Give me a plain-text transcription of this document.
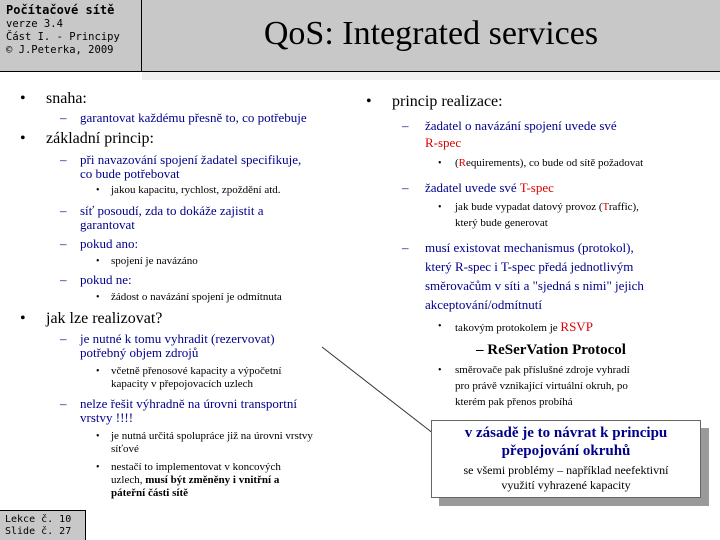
Počítačové sítě
verze 3.4
Část I. - Principy
© J.Peterka, 2009	QoS: Integrated services
• snaha:
– garantovat každému přesně to, co potřebuje
• základní princip:
– při navazování spojení žadatel specifikuje,
co bude potřebovat
• jakou kapacitu, rychlost, zpoždění atd.
– síť posoudí, zda to dokáže zajistit a
garantovat
– pokud ano:
• spojení je navázáno
– pokud ne:
• žádost o navázání spojení je odmítnuta
• jak lze realizovat?
– je nutné k tomu vyhradit (rezervovat)
potřebný objem zdrojů
• včetně přenosové kapacity a výpočetní
kapacity v přepojovacích uzlech
– nelze řešit výhradně na úrovni transportní
vrstvy !!!!
• je nutná určitá spolupráce již na úrovni vrstvy
síťové
• nestačí to implementovat v koncových
uzlech, musí být změněny i vnitřní a
páteřní části sítě
• princip realizace:
– žadatel o navázání spojení uvede své
R-spec
• (Requirements), co bude od sítě požadovat
– žadatel uvede své T-spec
• jak bude vypadat datový provoz (Traffic),
který bude generovat
– musí existovat mechanismus (protokol),
který R-spec i T-spec předá jednotlivým
směrovačům v síti a "sjedná s nimi" jejich
akceptování/odmítnutí
• takovým protokolem je RSVP
– ReSerVation Protocol
• směrovače pak příslušné zdroje vyhradí
pro právě vznikající virtuální okruh, po
kterém pak přenos probíhá
v zásadě je to návrat k principu
přepojování okruhů
se všemi problémy – například neefektivní
využití vyhrazené kapacity
Lekce č. 10
Slide č. 27
